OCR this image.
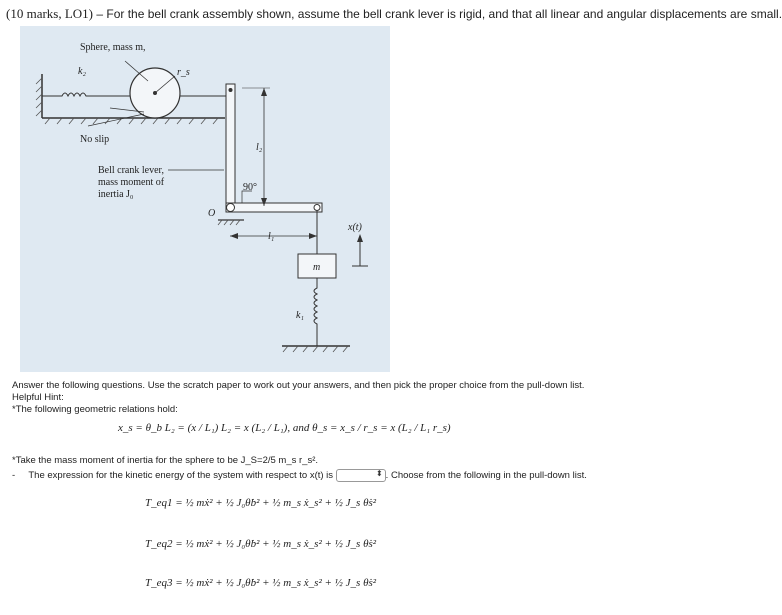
(10 marks, LO1) – For the bell crank assembly shown, assume the bell crank lever is rigid, and that all linear and angular displacements are small.
Sphere, mass m,
k₂	r_s
No slip
Bell crank lever,
mass moment of
inertia J₀
90°
l₂
l₁
O
x(t)
m
k₁
Answer the following questions. Use the scratch paper to work out your answers, and then pick the proper choice from the pull-down list.
Helpful Hint:
*The following geometric relations hold:
x_s = θ_b L₂ = (x / L₁) L₂ = x (L₂ / L₁), and θ_s = x_s / r_s = x (L₂ / L₁ r_s)
*Take the mass moment of inertia for the sphere to be J_S=2/5 m_s r_s².
- The expression for the kinetic energy of the system with respect to x(t) is	⬍ . Choose from the following in the pull-down list.
T_eq1 = ½ mẋ² + ½ J₀θ̇b² + ½ m_s ẋ_s² + ½ J_s θ̇s²
T_eq2 = ½ mẋ² + ½ J₀θ̇b² + ½ m_s ẋ_s² + ½ J_s θ̇s²
T_eq3 = ½ mẋ² + ½ J₀θ̇b² + ½ m_s ẋ_s² + ½ J_s θ̇s²
